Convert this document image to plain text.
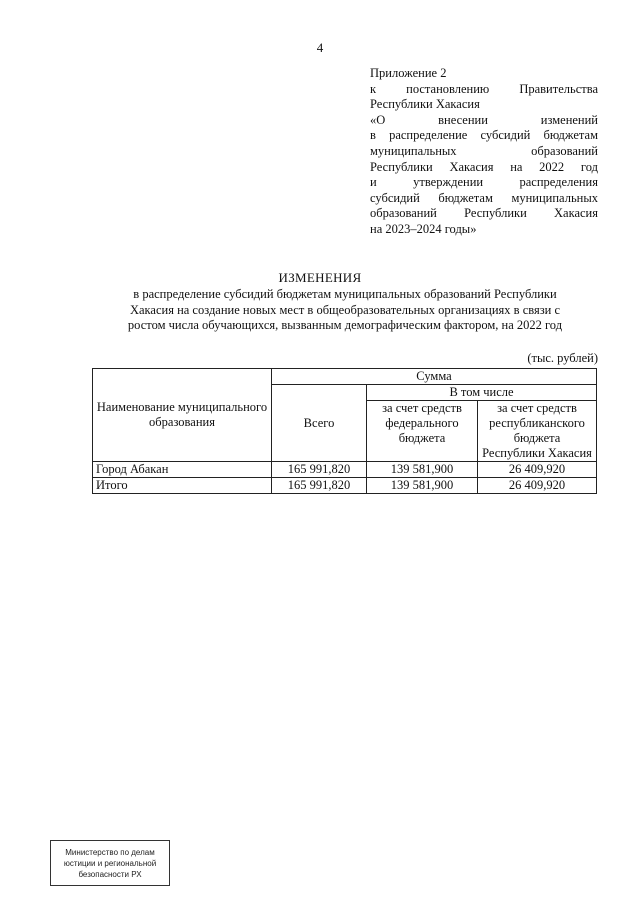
4
Приложение 2
к постановлению Правительства
Республики Хакасия
«О внесении изменений
в распределение субсидий бюджетам
муниципальных образований
Республики Хакасия на 2022 год
и утверждении распределения
субсидий бюджетам муниципальных
образований Республики Хакасия
на 2023–2024 годы»
ИЗМЕНЕНИЯ
в распределение субсидий бюджетам муниципальных образований Республики
Хакасия на создание новых мест в общеобразовательных организациях в связи с
ростом числа обучающихся, вызванным демографическим фактором, на 2022 год
(тыс. рублей)
Наименование муниципального образования	Сумма		
	Всего	В том числе	
		за счет средств федерального бюджета	за счет средств республиканского бюджета Республики Хакасия
Город Абакан	165 991,820	139 581,900	26 409,920
Итого	165 991,820	139 581,900	26 409,920
Министерство по делам
юстиции и региональной
безопасности РХ
